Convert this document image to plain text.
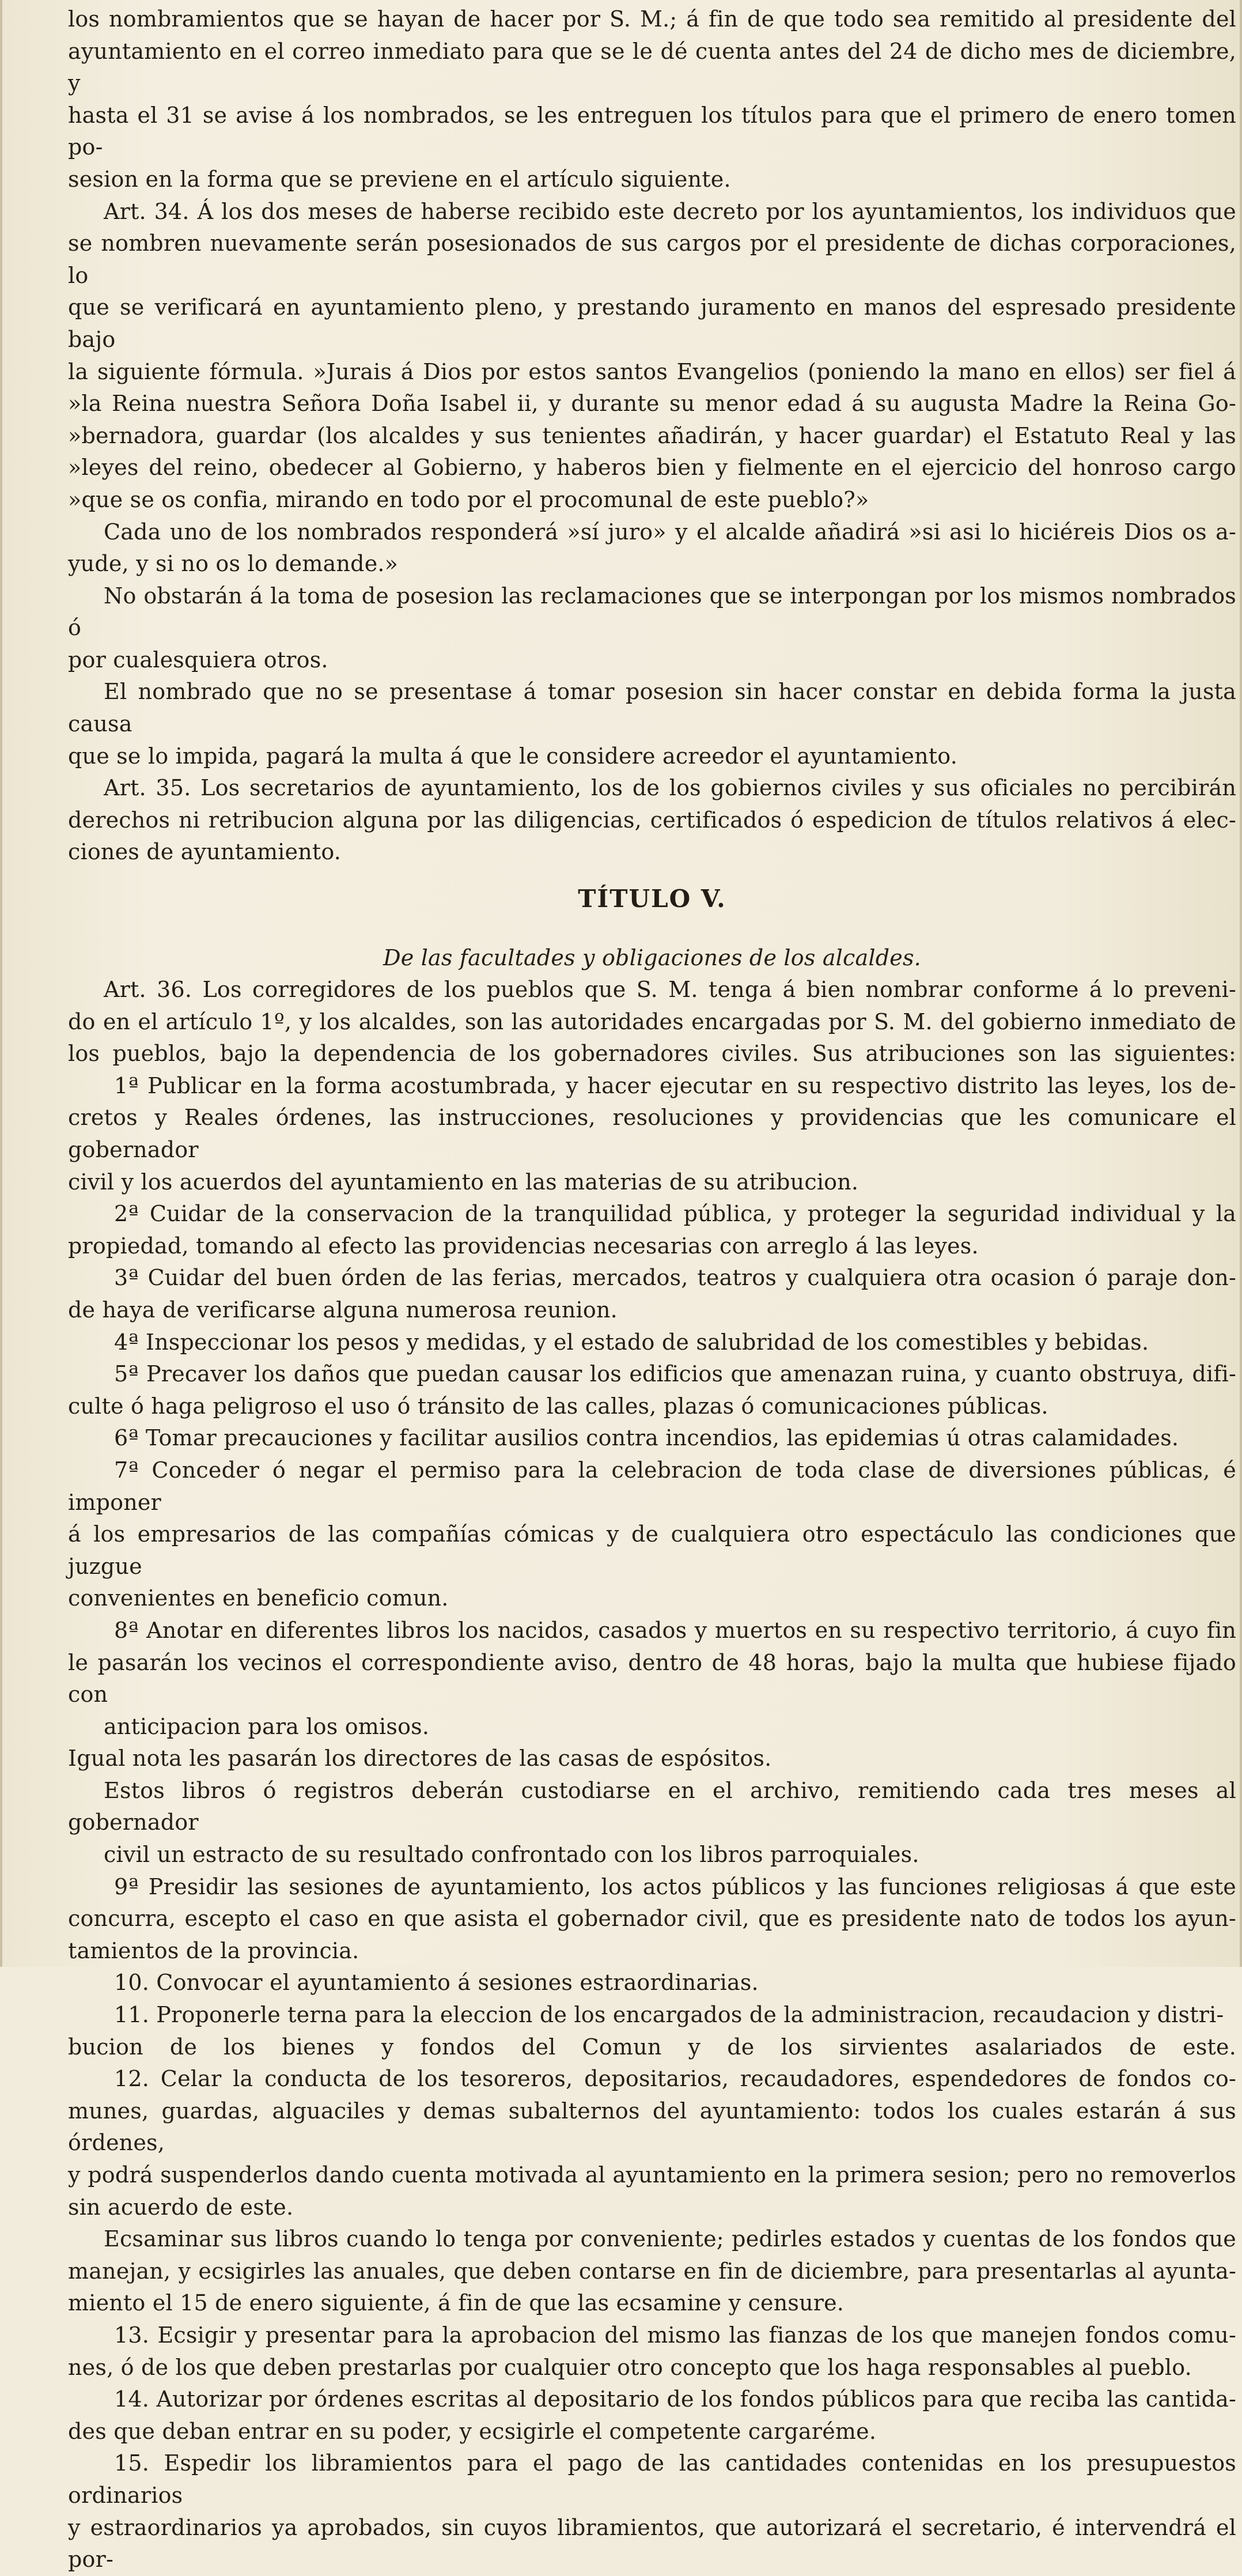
los nombramientos que se hayan de hacer por S. M.; á fin de que todo sea remitido al presidente del

ayuntamiento en el correo inmediato para que se le dé cuenta antes del 24 de dicho mes de diciembre, y

hasta el 31 se avise á los nombrados, se les entreguen los títulos para que el primero de enero tomen po-

sesion en la forma que se previene en el artículo siguiente.

Art. 34. Á los dos meses de haberse recibido este decreto por los ayuntamientos, los individuos que

se nombren nuevamente serán posesionados de sus cargos por el presidente de dichas corporaciones, lo

que se verificará en ayuntamiento pleno, y prestando juramento en manos del espresado presidente bajo

la siguiente fórmula. »Jurais á Dios por estos santos Evangelios (poniendo la mano en ellos) ser fiel á

»la Reina nuestra Señora Doña Isabel ii, y durante su menor edad á su augusta Madre la Reina Go-

»bernadora, guardar (los alcaldes y sus tenientes añadirán, y hacer guardar) el Estatuto Real y las

»leyes del reino, obedecer al Gobierno, y haberos bien y fielmente en el ejercicio del honroso cargo

»que se os confia, mirando en todo por el procomunal de este pueblo?»

Cada uno de los nombrados responderá »sí juro» y el alcalde añadirá »si asi lo hiciéreis Dios os a-

yude, y si no os lo demande.»

No obstarán á la toma de posesion las reclamaciones que se interpongan por los mismos nombrados ó

por cualesquiera otros.

El nombrado que no se presentase á tomar posesion sin hacer constar en debida forma la justa causa

que se lo impida, pagará la multa á que le considere acreedor el ayuntamiento.

Art. 35. Los secretarios de ayuntamiento, los de los gobiernos civiles y sus oficiales no percibirán

derechos ni retribucion alguna por las diligencias, certificados ó espedicion de títulos relativos á elec-

ciones de ayuntamiento.

TÍTULO V.

De las facultades y obligaciones de los alcaldes.

Art. 36. Los corregidores de los pueblos que S. M. tenga á bien nombrar conforme á lo preveni-

do en el artículo 1º, y los alcaldes, son las autoridades encargadas por S. M. del gobierno inmediato de

los pueblos, bajo la dependencia de los gobernadores civiles. Sus atribuciones son las siguientes:

1ª Publicar en la forma acostumbrada, y hacer ejecutar en su respectivo distrito las leyes, los de-

cretos y Reales órdenes, las instrucciones, resoluciones y providencias que les comunicare el gobernador

civil y los acuerdos del ayuntamiento en las materias de su atribucion.

2ª Cuidar de la conservacion de la tranquilidad pública, y proteger la seguridad individual y la

propiedad, tomando al efecto las providencias necesarias con arreglo á las leyes.

3ª Cuidar del buen órden de las ferias, mercados, teatros y cualquiera otra ocasion ó paraje don-

de haya de verificarse alguna numerosa reunion.

4ª Inspeccionar los pesos y medidas, y el estado de salubridad de los comestibles y bebidas.

5ª Precaver los daños que puedan causar los edificios que amenazan ruina, y cuanto obstruya, difi-

culte ó haga peligroso el uso ó tránsito de las calles, plazas ó comunicaciones públicas.

6ª Tomar precauciones y facilitar ausilios contra incendios, las epidemias ú otras calamidades.

7ª Conceder ó negar el permiso para la celebracion de toda clase de diversiones públicas, é imponer

á los empresarios de las compañías cómicas y de cualquiera otro espectáculo las condiciones que juzgue

convenientes en beneficio comun.

8ª Anotar en diferentes libros los nacidos, casados y muertos en su respectivo territorio, á cuyo fin

le pasarán los vecinos el correspondiente aviso, dentro de 48 horas, bajo la multa que hubiese fijado con

anticipacion para los omisos.

Igual nota les pasarán los directores de las casas de espósitos.

Estos libros ó registros deberán custodiarse en el archivo, remitiendo cada tres meses al gobernador

civil un estracto de su resultado confrontado con los libros parroquiales.

9ª Presidir las sesiones de ayuntamiento, los actos públicos y las funciones religiosas á que este

concurra, escepto el caso en que asista el gobernador civil, que es presidente nato de todos los ayun-

tamientos de la provincia.

10. Convocar el ayuntamiento á sesiones estraordinarias.

11. Proponerle terna para la eleccion de los encargados de la administracion, recaudacion y distri-

bucion de los bienes y fondos del Comun y de los sirvientes asalariados de este.

12. Celar la conducta de los tesoreros, depositarios, recaudadores, espendedores de fondos co-

munes, guardas, alguaciles y demas subalternos del ayuntamiento: todos los cuales estarán á sus órdenes,

y podrá suspenderlos dando cuenta motivada al ayuntamiento en la primera sesion; pero no removerlos

sin acuerdo de este.

Ecsaminar sus libros cuando lo tenga por conveniente; pedirles estados y cuentas de los fondos que

manejan, y ecsigirles las anuales, que deben contarse en fin de diciembre, para presentarlas al ayunta-

miento el 15 de enero siguiente, á fin de que las ecsamine y censure.

13. Ecsigir y presentar para la aprobacion del mismo las fianzas de los que manejen fondos comu-

nes, ó de los que deben prestarlas por cualquier otro concepto que los haga responsables al pueblo.

14. Autorizar por órdenes escritas al depositario de los fondos públicos para que reciba las cantida-

des que deban entrar en su poder, y ecsigirle el competente cargaréme.

15. Espedir los libramientos para el pago de las cantidades contenidas en los presupuestos ordinarios

y estraordinarios ya aprobados, sin cuyos libramientos, que autorizará el secretario, é intervendrá el por-
